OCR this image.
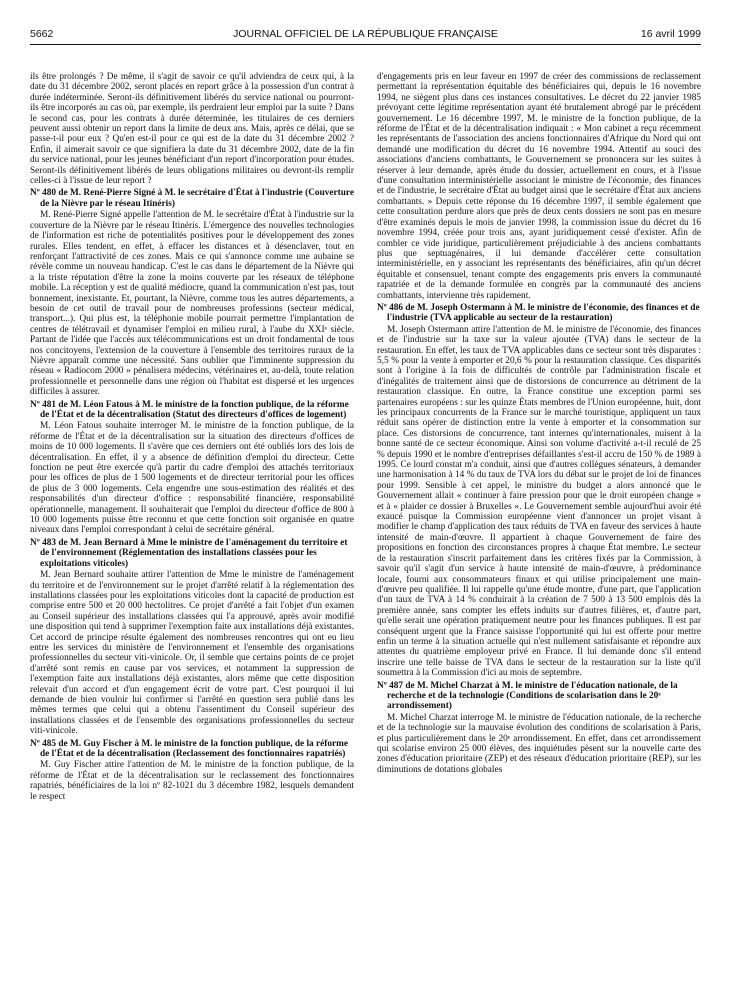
5662	JOURNAL OFFICIEL DE LA RÉPUBLIQUE FRANÇAISE	16 avril 1999

ils être prolongés ? De même, il s'agit de savoir ce qu'il adviendra de ceux qui, à la date du 31 décembre 2002, seront placés en report grâce à la possession d'un contrat à durée indéterminée. Seront-ils définitivement libérés du service national ou pourront-ils être incorporés au cas où, par exemple, ils perdraient leur emploi par la suite ? Dans le second cas, pour les contrats à durée déterminée, les titulaires de ces derniers peuvent aussi obtenir un report dans la limite de deux ans. Mais, après ce délai, que se passe-t-il pour eux ? Qu'en est-il pour ce qui est de la date du 31 décembre 2002 ? Enfin, il aimerait savoir ce que signifiera la date du 31 décembre 2002, date de la fin du service national, pour les jeunes bénéficiant d'un report d'incorporation pour études. Seront-ils définitivement libérés de leurs obligations militaires ou devront-ils remplir celles-ci à l'issue de leur report ?

Nº 480 de M. René-Pierre Signé à M. le secrétaire d'État à l'industrie (Couverture de la Nièvre par le réseau Itinéris)

M. René-Pierre Signé appelle l'attention de M. le secrétaire d'État à l'industrie sur la couverture de la Nièvre par le réseau Itinéris. L'émergence des nouvelles technologies de l'information est riche de potentialités positives pour le développement des zones rurales. Elles tendent, en effet, à effacer les distances et à désenclaver, tout en renforçant l'attractivité de ces zones. Mais ce qui s'annonce comme une aubaine se révèle comme un nouveau handicap. C'est le cas dans le département de la Nièvre qui a la triste réputation d'être la zone la moins couverte par les réseaux de téléphone mobile. La réception y est de qualité médiocre, quand la communication n'est pas, tout bonnement, inexistante. Et, pourtant, la Nièvre, comme tous les autres départements, a besoin de cet outil de travail pour de nombreuses professions (secteur médical, transport...). Qui plus est, la téléphonie mobile pourrait permettre l'implantation de centres de télétravail et dynamiser l'emploi en milieu rural, à l'aube du XXIᵉ siècle. Partant de l'idée que l'accès aux télécommunications est un droit fondamental de tous nos concitoyens, l'extension de la couverture à l'ensemble des territoires ruraux de la Nièvre apparaît comme une nécessité. Sans oublier que l'imminente suppression du réseau « Radiocom 2000 » pénalisera médecins, vétérinaires et, au-delà, toute relation professionnelle et personnelle dans une région où l'habitat est dispersé et les urgences difficiles à assurer.

Nº 481 de M. Léon Fatous à M. le ministre de la fonction publique, de la réforme de l'État et de la décentralisation (Statut des directeurs d'offices de logement)

M. Léon Fatous souhaite interroger M. le ministre de la fonction publique, de la réforme de l'État et de la décentralisation sur la situation des directeurs d'offices de moins de 10 000 logements. Il s'avère que ces derniers ont été oubliés lors des lois de décentralisation. En effet, il y a absence de définition d'emploi du directeur. Cette fonction ne peut être exercée qu'à partir du cadre d'emploi des attachés territoriaux pour les offices de plus de 1 500 logements et de directeur territorial pour les offices de plus de 3 000 logements. Cela engendre une sous-estimation des réalités et des responsabilités d'un directeur d'office : responsabilité financière, responsabilité opérationnelle, management. Il souhaiterait que l'emploi du directeur d'office de 800 à 10 000 logements puisse être reconnu et que cette fonction soit organisée en quatre niveaux dans l'emploi correspondant à celui de secrétaire général.

Nº 483 de M. Jean Bernard à Mme le ministre de l'aménagement du territoire et de l'environnement (Réglementation des installations classées pour les exploitations viticoles)

M. Jean Bernard souhaite attirer l'attention de Mme le ministre de l'aménagement du territoire et de l'environnement sur le projet d'arrêté relatif à la réglementation des installations classées pour les exploitations viticoles dont la capacité de production est comprise entre 500 et 20 000 hectolitres. Ce projet d'arrêté a fait l'objet d'un examen au Conseil supérieur des installations classées qui l'a approuvé, après avoir modifié une disposition qui tend à supprimer l'exemption faite aux installations déjà existantes. Cet accord de principe résulte également des nombreuses rencontres qui ont eu lieu entre les services du ministère de l'environnement et l'ensemble des organisations professionnelles du secteur viti-vinicole. Or, il semble que certains points de ce projet d'arrêté sont remis en cause par vos services, et notamment la suppression de l'exemption faite aux installations déjà existantes, alors même que cette disposition relevait d'un accord et d'un engagement écrit de votre part. C'est pourquoi il lui demande de bien vouloir lui confirmer si l'arrêté en question sera publié dans les mêmes termes que celui qui a obtenu l'assentiment du Conseil supérieur des installations classées et de l'ensemble des organisations professionnelles du secteur viti-vinicole.

Nº 485 de M. Guy Fischer à M. le ministre de la fonction publique, de la réforme de l'État et de la décentralisation (Reclassement des fonctionnaires rapatriés)

M. Guy Fischer attire l'attention de M. le ministre de la fonction publique, de la réforme de l'État et de la décentralisation sur le reclassement des fonctionnaires rapatriés, bénéficiaires de la loi nº 82-1021 du 3 décembre 1982, lesquels demandent le respect

d'engagements pris en leur faveur en 1997 de créer des commissions de reclassement permettant la représentation équitable des bénéficiaires qui, depuis le 16 novembre 1994, ne siègent plus dans ces instances consultatives. Le décret du 22 janvier 1985 prévoyant cette légitime représentation ayant été brutalement abrogé par le précédent gouvernement. Le 16 décembre 1997, M. le ministre de la fonction publique, de la réforme de l'État et de la décentralisation indiquait : « Mon cabinet a reçu récemment les représentants de l'association des anciens fonctionnaires d'Afrique du Nord qui ont demandé une modification du décret du 16 novembre 1994. Attentif au souci des associations d'anciens combattants, le Gouvernement se prononcera sur les suites à réserver à leur demande, après étude du dossier, actuellement en cours, et à l'issue d'une consultation interministérielle associant le ministre de l'économie, des finances et de l'industrie, le secrétaire d'État au budget ainsi que le secrétaire d'État aux anciens combattants. » Depuis cette réponse du 16 décembre 1997, il semble également que cette consultation perdure alors que près de deux cents dossiers ne sont pas en mesure d'être examinés depuis le mois de janvier 1998, la commission issue du décret du 16 novembre 1994, créée pour trois ans, ayant juridiquement cessé d'exister. Afin de combler ce vide juridique, particulièrement préjudiciable à des anciens combattants plus que septuagénaires, il lui demande d'accélérer cette consultation interministérielle, en y associant les représentants des bénéficiaires, afin qu'un décret équitable et consensuel, tenant compte des engagements pris envers la communauté rapatriée et de la demande formulée en congrès par la communauté des anciens combattants, intervienne très rapidement.

Nº 486 de M. Joseph Ostermann à M. le ministre de l'économie, des finances et de l'industrie (TVA applicable au secteur de la restauration)

M. Joseph Ostermann attire l'attention de M. le ministre de l'économie, des finances et de l'industrie sur la taxe sur la valeur ajoutée (TVA) dans le secteur de la restauration. En effet, les taux de TVA applicables dans ce secteur sont très disparates : 5,5 % pour la vente à emporter et 20,6 % pour la restauration classique. Ces disparités sont à l'origine à la fois de difficultés de contrôle par l'administration fiscale et d'inégalités de traitement ainsi que de distorsions de concurrence au détriment de la restauration classique. En outre, la France constitue une exception parmi ses partenaires européens : sur les quinze États membres de l'Union européenne, huit, dont les principaux concurrents de la France sur le marché touristique, appliquent un taux réduit sans opérer de distinction entre la vente à emporter et la consommation sur place. Ces distorsions de concurrence, tant internes qu'internationales, nuisent à la bonne santé de ce secteur économique. Ainsi son volume d'activité a-t-il reculé de 25 % depuis 1990 et le nombre d'entreprises défaillantes s'est-il accru de 150 % de 1989 à 1995. Ce lourd constat m'a conduit, ainsi que d'autres collègues sénateurs, à demander une harmonisation à 14 % du taux de TVA lors du débat sur le projet de loi de finances pour 1999. Sensible à cet appel, le ministre du budget a alors annoncé que le Gouvernement allait « continuer à faire pression pour que le droit européen change » et à « plaider ce dossier à Bruxelles ». Le Gouvernement semble aujourd'hui avoir été exaucé puisque la Commission européenne vient d'annoncer un projet visant à modifier le champ d'application des taux réduits de TVA en faveur des services à haute intensité de main-d'œuvre. Il appartient à chaque Gouvernement de faire des propositions en fonction des circonstances propres à chaque État membre. Le secteur de la restauration s'inscrit parfaitement dans les critères fixés par la Commission, à savoir qu'il s'agit d'un service à haute intensité de main-d'œuvre, à prédominance locale, fourni aux consommateurs finaux et qui utilise principalement une main-d'œuvre peu qualifiée. Il lui rappelle qu'une étude montre, d'une part, que l'application d'un taux de TVA à 14 % conduirait à la création de 7 500 à 13 500 emplois dès la première année, sans compter les effets induits sur d'autres filières, et, d'autre part, qu'elle serait une opération pratiquement neutre pour les finances publiques. Il est par conséquent urgent que la France saisisse l'opportunité qui lui est offerte pour mettre enfin un terme à la situation actuelle qui n'est nullement satisfaisante et répondre aux attentes du quatrième employeur privé en France. Il lui demande donc s'il entend inscrire une telle baisse de TVA dans le secteur de la restauration sur la liste qu'il soumettra à la Commission d'ici au mois de septembre.

Nº 487 de M. Michel Charzat à M. le ministre de l'éducation nationale, de la recherche et de la technologie (Conditions de scolarisation dans le 20ᵉ arrondissement)

M. Michel Charzat interroge M. le ministre de l'éducation nationale, de la recherche et de la technologie sur la mauvaise évolution des conditions de scolarisation à Paris, et plus particulièrement dans le 20ᵉ arrondissement. En effet, dans cet arrondissement qui scolarise environ 25 000 élèves, des inquiétudes pèsent sur la nouvelle carte des zones d'éducation prioritaire (ZEP) et des réseaux d'éducation prioritaire (REP), sur les diminutions de dotations globales
